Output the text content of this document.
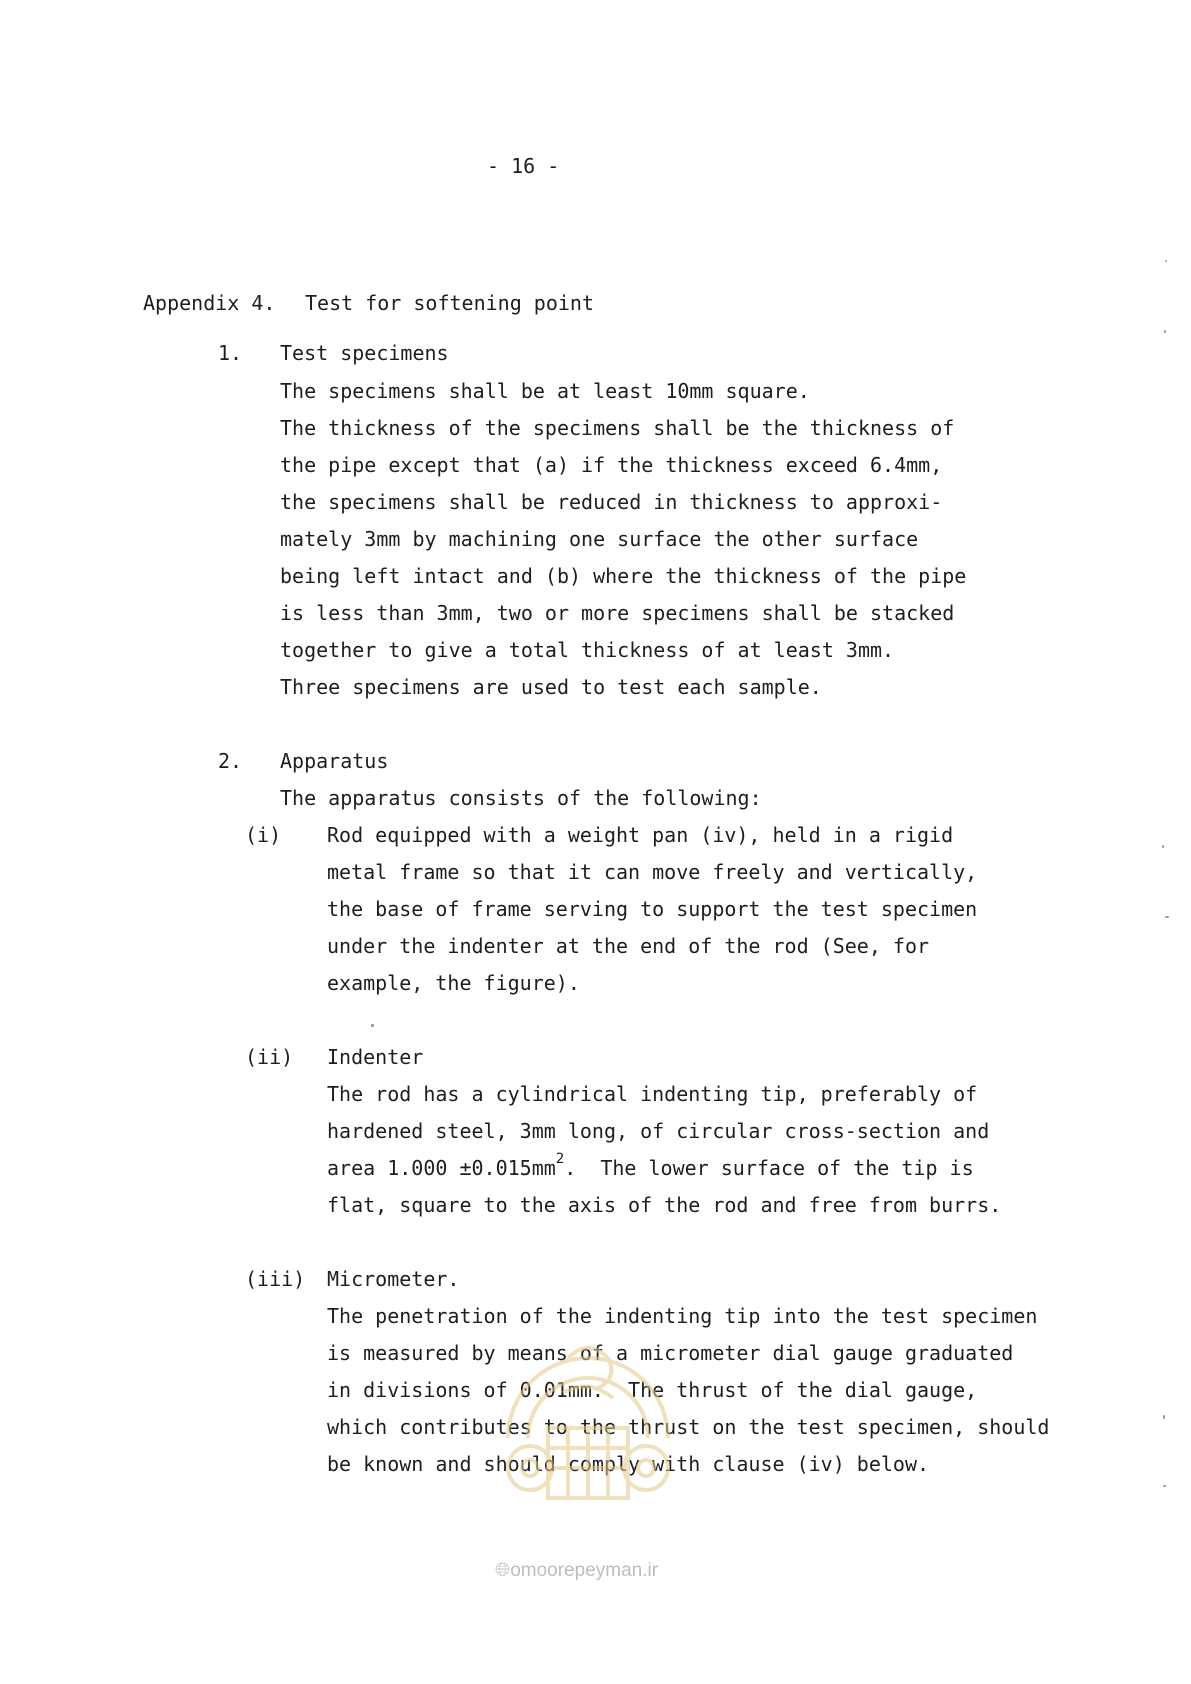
- 16 -
Appendix 4. Test for softening point
1. Test specimens
The specimens shall be at least 10mm square.
The thickness of the specimens shall be the thickness of
the pipe except that (a) if the thickness exceed 6.4mm,
the specimens shall be reduced in thickness to approxi-
mately 3mm by machining one surface the other surface
being left intact and (b) where the thickness of the pipe
is less than 3mm, two or more specimens shall be stacked
together to give a total thickness of at least 3mm.
Three specimens are used to test each sample.
2. Apparatus
The apparatus consists of the following:
(i) Rod equipped with a weight pan (iv), held in a rigid
metal frame so that it can move freely and vertically,
the base of frame serving to support the test specimen
under the indenter at the end of the rod (See, for
example, the figure).
(ii) Indenter
The rod has a cylindrical indenting tip, preferably of
hardened steel, 3mm long, of circular cross-section and
area $1.000 \pm 0.015mm^2$.  The lower surface of the tip is
flat, square to the axis of the rod and free from burrs.
(iii) Micrometer.
The penetration of the indenting tip into the test specimen
is measured by means of a micrometer dial gauge graduated
in divisions of 0.01mm.  The thrust of the dial gauge,
which contributes to the thrust on the test specimen, should
be known and should comply with clause (iv) below.
🌐︎omoorepeyman.ir
